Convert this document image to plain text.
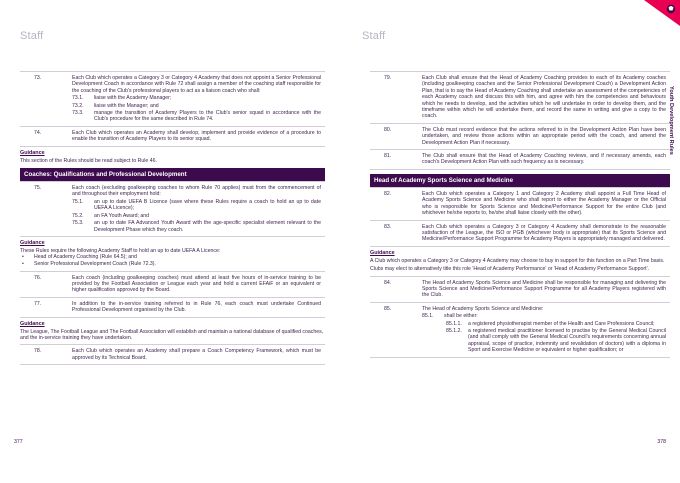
Staff	Staff
Youth Development Rules
73.	Each Club which operates a Category 3 or Category 4 Academy that does not appoint a Senior Professional Development Coach in accordance with Rule 72 shall assign a member of the coaching staff responsible for the coaching of the Club's professional players to act as a liaison coach who shall:
73.1.	liaise with the Academy Manager;
73.2.	liaise with the Manager; and
73.3.	manage the transition of Academy Players to the Club's senior squad in accordance with the Club's procedure for the same described in Rule 74.
74.	Each Club which operates an Academy shall develop, implement and provide evidence of a procedure to enable the transition of Academy Players to its senior squad.
Guidance
This section of the Rules should be read subject to Rule 46.
Coaches: Qualifications and Professional Development
75.	Each coach (excluding goalkeeping coaches to whom Rule 70 applies) must from the commencement of and throughout their employment hold:
75.1.	an up to date UEFA B Licence (save where these Rules require a coach to hold an up to date UEFA A Licence);
75.2.	an FA Youth Award; and
75.3.	an up to date FA Advanced Youth Award with the age-specific specialist element relevant to the Development Phase which they coach.
Guidance
These Rules require the following Academy Staff to hold an up to date UEFA A Licence:
•	Head of Academy Coaching (Rule 64.5); and
•	Senior Professional Development Coach (Rule 72.3).
76.	Each coach (including goalkeeping coaches) must attend at least five hours of in-service training to be provided by the Football Association or League each year and hold a current EFAiF or an equivalent or higher qualification approved by the Board.
77.	In addition to the in-service training referred to in Rule 76, each coach must undertake Continued Professional Development organised by the Club.
Guidance
The League, The Football League and The Football Association will establish and maintain a national database of qualified coaches, and the in-service training they have undertaken.
78.	Each Club which operates an Academy shall prepare a Coach Competency Framework, which must be approved by its Technical Board.
79.	Each Club shall ensure that the Head of Academy Coaching provides to each of its Academy coaches (including goalkeeping coaches and the Senior Professional Development Coach) a Development Action Plan, that is to say the Head of Academy Coaching shall undertake an assessment of the competencies of each Academy coach and discuss this with him, and agree with him the competencies and behaviours which he needs to develop, and the activities which he will undertake in order to develop them, and the timeframe within which he will undertake them, and record the same in writing and give a copy to the coach.
80.	The Club must record evidence that the actions referred to in the Development Action Plan have been undertaken, and review those actions within an appropriate period with the coach, and amend the Development Action Plan if necessary.
81.	The Club shall ensure that the Head of Academy Coaching reviews, and if necessary amends, each coach's Development Action Plan with such frequency as is necessary.
Head of Academy Sports Science and Medicine
82.	Each Club which operates a Category 1 and Category 2 Academy shall appoint a Full Time Head of Academy Sports Science and Medicine who shall report to either the Academy Manager or the Official who is responsible for Sports Science and Medicine/Performance Support for the entire Club (and whichever he/she reports to, he/she shall liaise closely with the other).
83.	Each Club which operates a Category 3 or Category 4 Academy shall demonstrate to the reasonable satisfaction of the League, the ISO or PGB (whichever body is appropriate) that its Sports Science and Medicine/Performance Support Programme for Academy Players is appropriately managed and delivered.
Guidance
A Club which operates a Category 3 or Category 4 Academy may choose to buy in support for this function on a Part Time basis.
Clubs may elect to alternatively title this role 'Head of Academy Performance' or 'Head of Academy Performance Support'.
84.	The Head of Academy Sports Science and Medicine shall be responsible for managing and delivering the Sports Science and Medicine/Performance Support Programme for all Academy Players registered with the Club.
85.	The Head of Academy Sports Science and Medicine:
85.1.	shall be either:
85.1.1.	a registered physiotherapist member of the Health and Care Professions Council;
85.1.2.	a registered medical practitioner licensed to practise by the General Medical Council (and shall comply with the General Medical Council's requirements concerning annual appraisal, scope of practice, indemnity and revalidation of doctors) with a diploma in Sport and Exercise Medicine or equivalent or higher qualification; or
377	378
